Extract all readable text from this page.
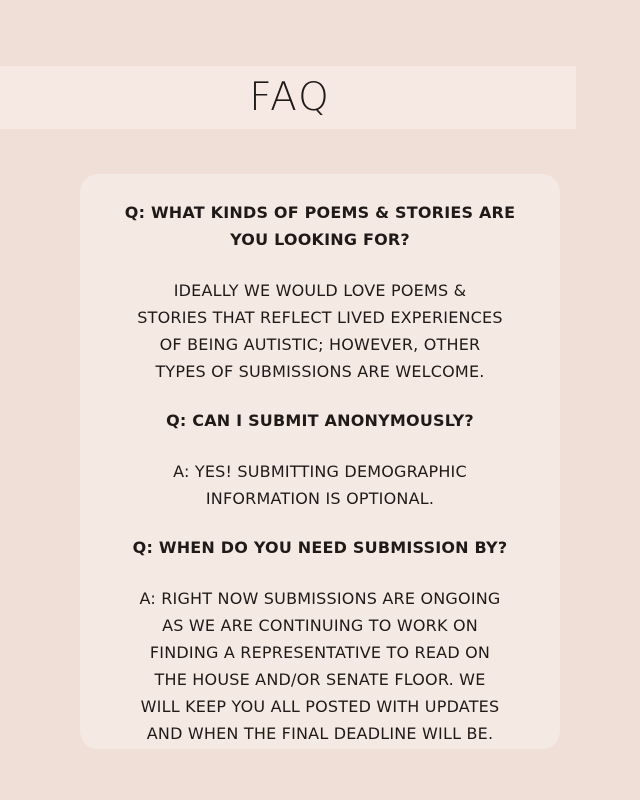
FAQ
Q: WHAT KINDS OF POEMS & STORIES ARE
YOU LOOKING FOR?
IDEALLY WE WOULD LOVE POEMS &
STORIES THAT REFLECT LIVED EXPERIENCES
OF BEING AUTISTIC; HOWEVER, OTHER
TYPES OF SUBMISSIONS ARE WELCOME.
Q: CAN I SUBMIT ANONYMOUSLY?
A: YES! SUBMITTING DEMOGRAPHIC
INFORMATION IS OPTIONAL.
Q: WHEN DO YOU NEED SUBMISSION BY?
A: RIGHT NOW SUBMISSIONS ARE ONGOING
AS WE ARE CONTINUING TO WORK ON
FINDING A REPRESENTATIVE TO READ ON
THE HOUSE AND/OR SENATE FLOOR. WE
WILL KEEP YOU ALL POSTED WITH UPDATES
AND WHEN THE FINAL DEADLINE WILL BE.
